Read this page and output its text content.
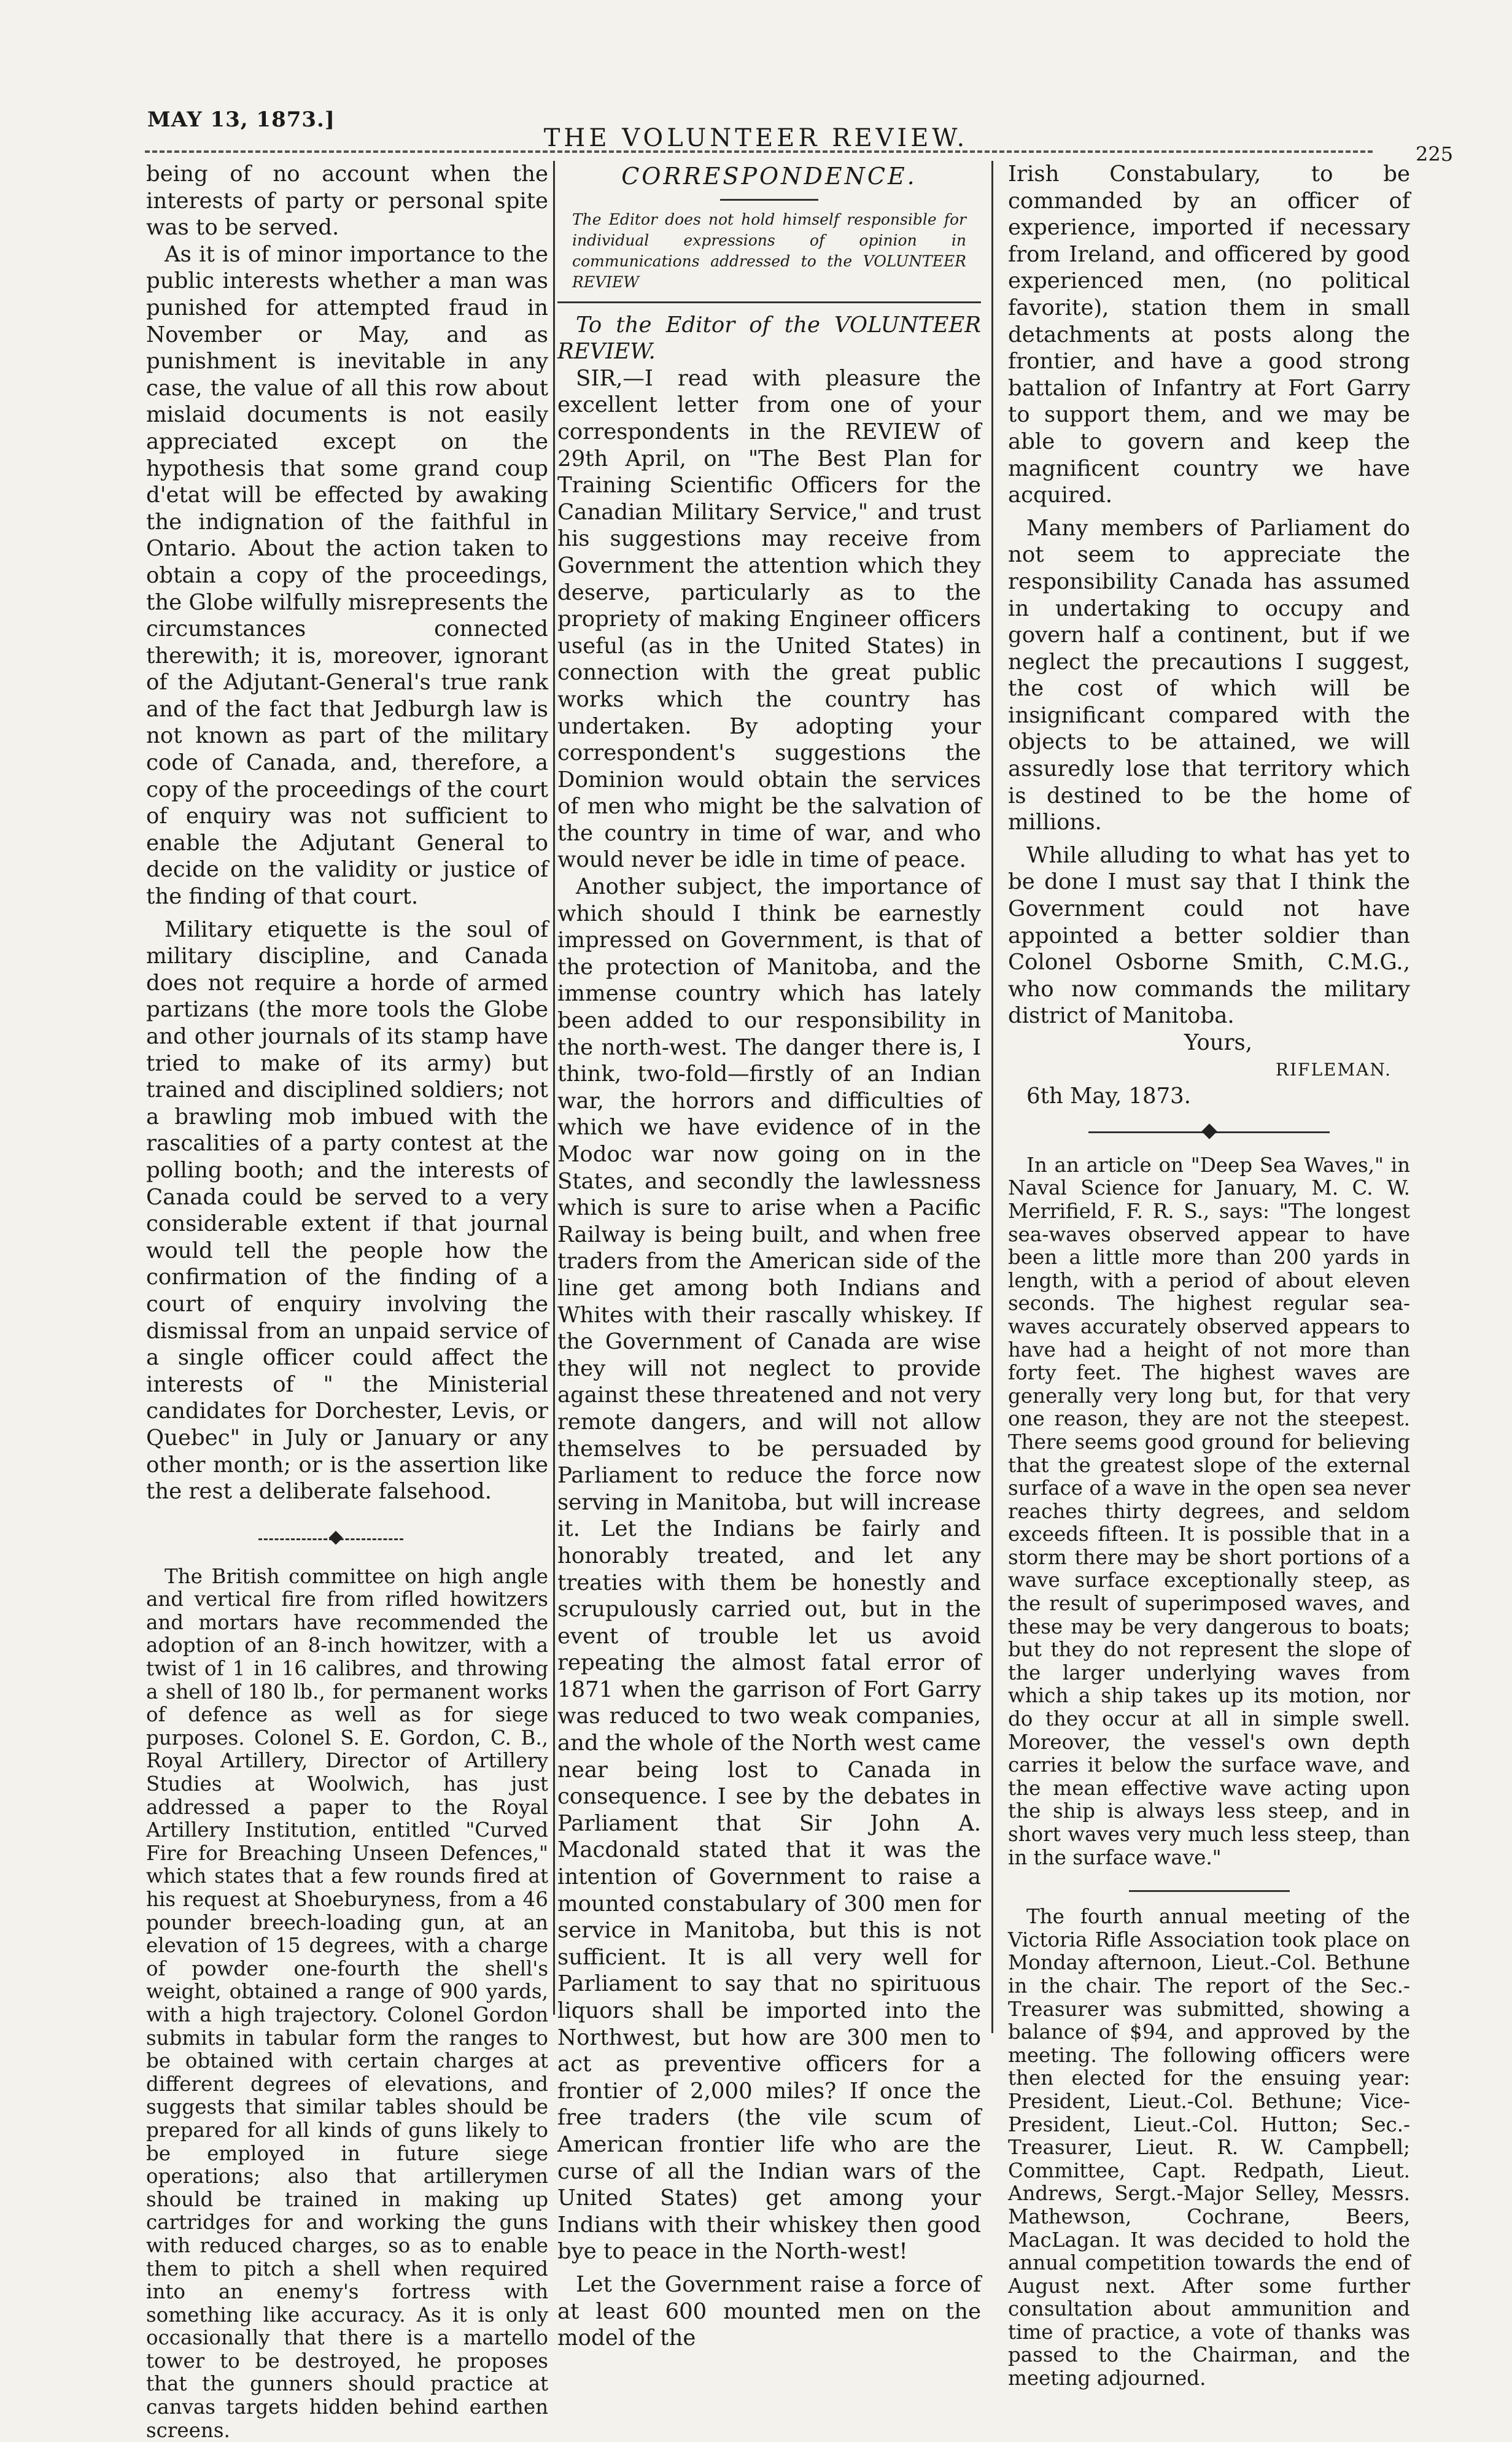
MAY 13, 1873.]
THE VOLUNTEER REVIEW.
225

being of no account when the interests of party or personal spite was to be served.

As it is of minor importance to the public interests whether a man was punished for attempted fraud in November or May, and as punishment is inevitable in any case, the value of all this row about mislaid documents is not easily appreciated except on the hypothesis that some grand coup d'etat will be effected by awaking the indignation of the faithful in Ontario. About the action taken to obtain a copy of the proceedings, the Globe wilfully misrepresents the circumstances connected therewith; it is, moreover, ignorant of the Adjutant-General's true rank and of the fact that Jedburgh law is not known as part of the military code of Canada, and, therefore, a copy of the proceedings of the court of enquiry was not sufficient to enable the Adjutant General to decide on the validity or justice of the finding of that court.

Military etiquette is the soul of military discipline, and Canada does not require a horde of armed partizans (the more tools the Globe and other journals of its stamp have tried to make of its army) but trained and disciplined soldiers; not a brawling mob imbued with the rascalities of a party contest at the polling booth; and the interests of Canada could be served to a very considerable extent if that journal would tell the people how the confirmation of the finding of a court of enquiry involving the dismissal from an unpaid service of a single officer could affect the interests of " the Ministerial candidates for Dorchester, Levis, or Quebec" in July or January or any other month; or is the assertion like the rest a deliberate falsehood.

The British committee on high angle and vertical fire from rifled howitzers and mortars have recommended the adoption of an 8-inch howitzer, with a twist of 1 in 16 calibres, and throwing a shell of 180 lb., for permanent works of defence as well as for siege purposes. Colonel S. E. Gordon, C. B., Royal Artillery, Director of Artillery Studies at Woolwich, has just addressed a paper to the Royal Artillery Institution, entitled "Curved Fire for Breaching Unseen Defences," which states that a few rounds fired at his request at Shoeburyness, from a 46 pounder breech-loading gun, at an elevation of 15 degrees, with a charge of powder one-fourth the shell's weight, obtained a range of 900 yards, with a high trajectory. Colonel Gordon submits in tabular form the ranges to be obtained with certain charges at different degrees of elevations, and suggests that similar tables should be prepared for all kinds of guns likely to be employed in future siege operations; also that artillerymen should be trained in making up cartridges for and working the guns with reduced charges, so as to enable them to pitch a shell when required into an enemy's fortress with something like accuracy. As it is only occasionally that there is a martello tower to be destroyed, he proposes that the gunners should practice at canvas targets hidden behind earthen screens.

CORRESPONDENCE.
The Editor does not hold himself responsible for individual expressions of opinion in communications addressed to the VOLUNTEER REVIEW

To the Editor of the VOLUNTEER REVIEW.

SIR,—I read with pleasure the excellent letter from one of your correspondents in the REVIEW of 29th April, on "The Best Plan for Training Scientific Officers for the Canadian Military Service," and trust his suggestions may receive from Government the attention which they deserve, particularly as to the propriety of making Engineer officers useful (as in the United States) in connection with the great public works which the country has undertaken. By adopting your correspondent's suggestions the Dominion would obtain the services of men who might be the salvation of the country in time of war, and who would never be idle in time of peace.

Another subject, the importance of which should I think be earnestly impressed on Government, is that of the protection of Manitoba, and the immense country which has lately been added to our responsibility in the north-west. The danger there is, I think, two-fold—firstly of an Indian war, the horrors and difficulties of which we have evidence of in the Modoc war now going on in the States, and secondly the lawlessness which is sure to arise when a Pacific Railway is being built, and when free traders from the American side of the line get among both Indians and Whites with their rascally whiskey. If the Government of Canada are wise they will not neglect to provide against these threatened and not very remote dangers, and will not allow themselves to be persuaded by Parliament to reduce the force now serving in Manitoba, but will increase it. Let the Indians be fairly and honorably treated, and let any treaties with them be honestly and scrupulously carried out, but in the event of trouble let us avoid repeating the almost fatal error of 1871 when the garrison of Fort Garry was reduced to two weak companies, and the whole of the North west came near being lost to Canada in consequence. I see by the debates in Parliament that Sir John A. Macdonald stated that it was the intention of Government to raise a mounted constabulary of 300 men for service in Manitoba, but this is not sufficient. It is all very well for Parliament to say that no spirituous liquors shall be imported into the Northwest, but how are 300 men to act as preventive officers for a frontier of 2,000 miles? If once the free traders (the vile scum of American frontier life who are the curse of all the Indian wars of the United States) get among your Indians with their whiskey then good bye to peace in the North-west!

Let the Government raise a force of at least 600 mounted men on the model of the

Irish Constabulary, to be commanded by an officer of experience, imported if necessary from Ireland, and officered by good experienced men, (no political favorite), station them in small detachments at posts along the frontier, and have a good strong battalion of Infantry at Fort Garry to support them, and we may be able to govern and keep the magnificent country we have acquired.

Many members of Parliament do not seem to appreciate the responsibility Canada has assumed in undertaking to occupy and govern half a continent, but if we neglect the precautions I suggest, the cost of which will be insignificant compared with the objects to be attained, we will assuredly lose that territory which is destined to be the home of millions.

While alluding to what has yet to be done I must say that I think the Government could not have appointed a better soldier than Colonel Osborne Smith, C.M.G., who now commands the military district of Manitoba.

Yours,

RIFLEMAN.

6th May, 1873.

In an article on "Deep Sea Waves," in Naval Science for January, M. C. W. Merrifield, F. R. S., says: "The longest sea-waves observed appear to have been a little more than 200 yards in length, with a period of about eleven seconds. The highest regular sea-waves accurately observed appears to have had a height of not more than forty feet. The highest waves are generally very long but, for that very one reason, they are not the steepest. There seems good ground for believing that the greatest slope of the external surface of a wave in the open sea never reaches thirty degrees, and seldom exceeds fifteen. It is possible that in a storm there may be short portions of a wave surface exceptionally steep, as the result of superimposed waves, and these may be very dangerous to boats; but they do not represent the slope of the larger underlying waves from which a ship takes up its motion, nor do they occur at all in simple swell. Moreover, the vessel's own depth carries it below the surface wave, and the mean effective wave acting upon the ship is always less steep, and in short waves very much less steep, than in the surface wave."

The fourth annual meeting of the Victoria Rifle Association took place on Monday afternoon, Lieut.-Col. Bethune in the chair. The report of the Sec.-Treasurer was submitted, showing a balance of $94, and approved by the meeting. The following officers were then elected for the ensuing year: President, Lieut.-Col. Bethune; Vice-President, Lieut.-Col. Hutton; Sec.-Treasurer, Lieut. R. W. Campbell; Committee, Capt. Redpath, Lieut. Andrews, Sergt.-Major Selley, Messrs. Mathewson, Cochrane, Beers, MacLagan. It was decided to hold the annual competition towards the end of August next. After some further consultation about ammunition and time of practice, a vote of thanks was passed to the Chairman, and the meeting adjourned.
